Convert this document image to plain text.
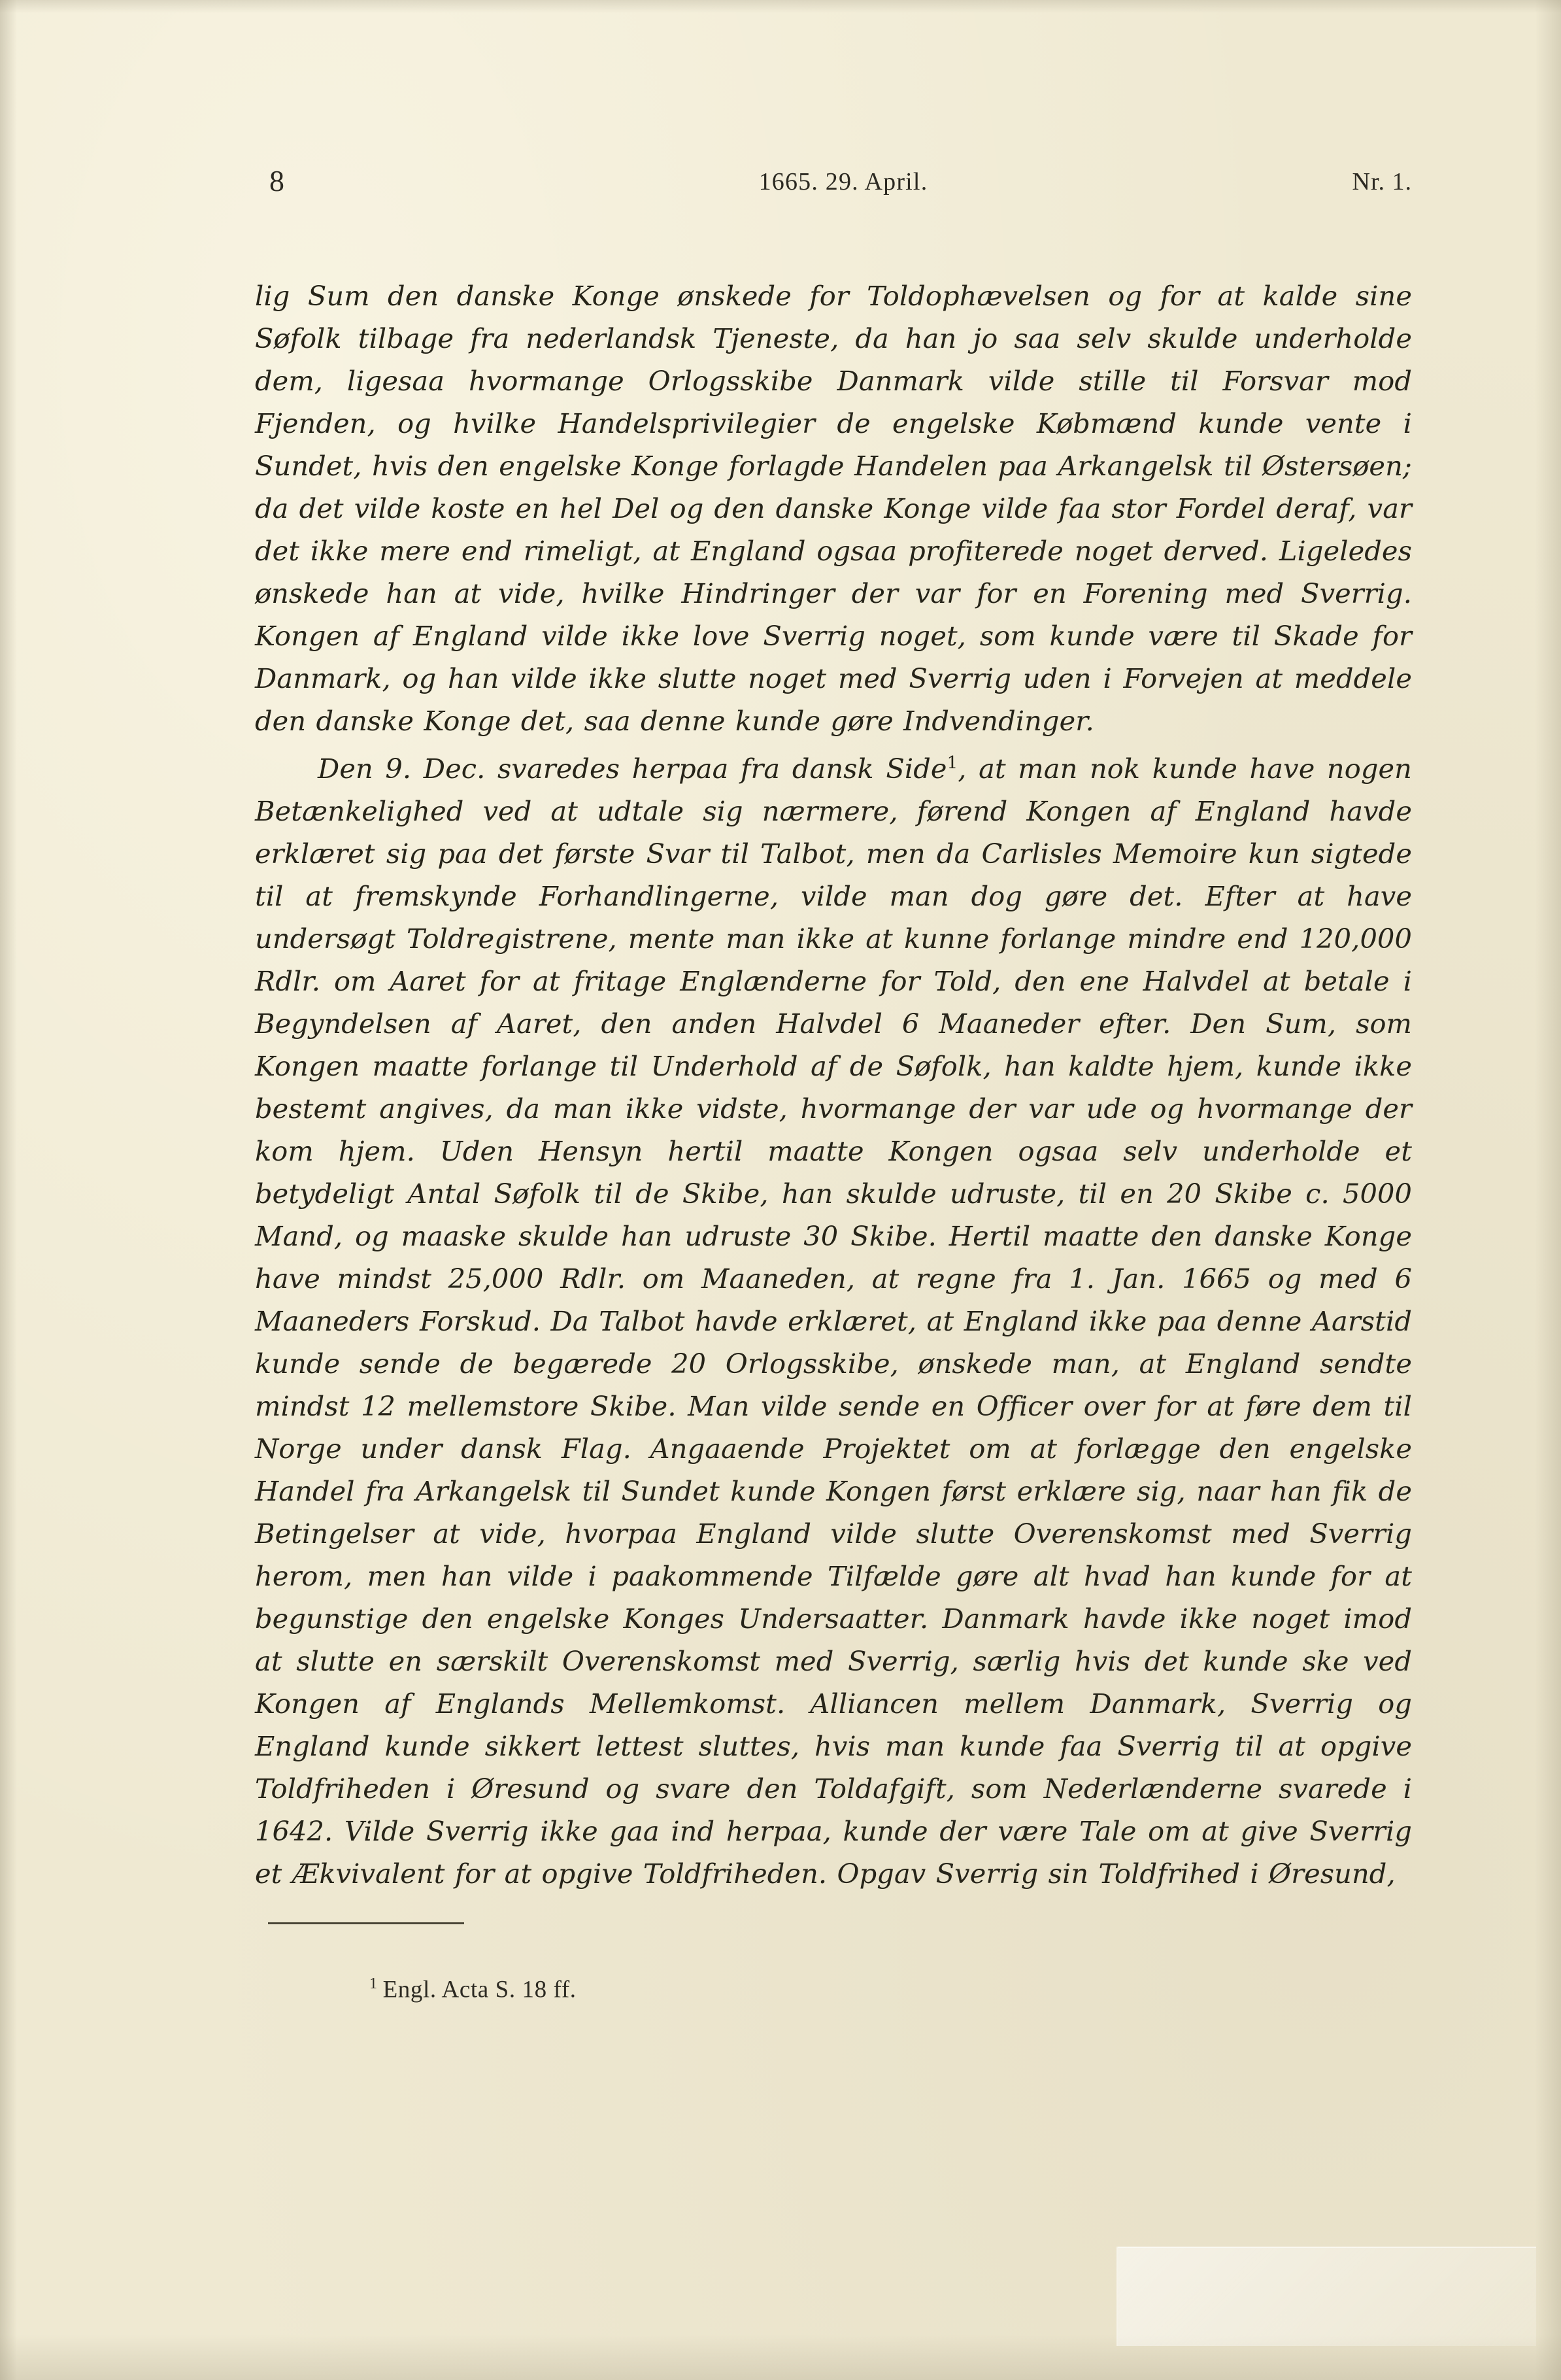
8	1665. 29. April.	Nr. 1.

lig Sum den danske Konge ønskede for Toldophævelsen og for at kalde sine Søfolk tilbage fra nederlandsk Tjeneste, da han jo saa selv skulde underholde dem, ligesaa hvormange Orlogsskibe Danmark vilde stille til Forsvar mod Fjenden, og hvilke Handelsprivilegier de engelske Købmænd kunde vente i Sundet, hvis den engelske Konge forlagde Handelen paa Arkangelsk til Østersøen; da det vilde koste en hel Del og den danske Konge vilde faa stor Fordel deraf, var det ikke mere end rimeligt, at England ogsaa profiterede noget derved. Ligeledes ønskede han at vide, hvilke Hindringer der var for en Forening med Sverrig. Kongen af England vilde ikke love Sverrig noget, som kunde være til Skade for Danmark, og han vilde ikke slutte noget med Sverrig uden i Forvejen at meddele den danske Konge det, saa denne kunde gøre Indvendinger.

Den 9. Dec. svaredes herpaa fra dansk Side$^1$, at man nok kunde have nogen Betænkelighed ved at udtale sig nærmere, førend Kongen af England havde erklæret sig paa det første Svar til Talbot, men da Carlisles Memoire kun sigtede til at fremskynde Forhandlingerne, vilde man dog gøre det. Efter at have undersøgt Toldregistrene, mente man ikke at kunne forlange mindre end 120,000 Rdlr. om Aaret for at fritage Englænderne for Told, den ene Halvdel at betale i Begyndelsen af Aaret, den anden Halvdel 6 Maaneder efter. Den Sum, som Kongen maatte forlange til Underhold af de Søfolk, han kaldte hjem, kunde ikke bestemt angives, da man ikke vidste, hvormange der var ude og hvormange der kom hjem. Uden Hensyn hertil maatte Kongen ogsaa selv underholde et betydeligt Antal Søfolk til de Skibe, han skulde udruste, til en 20 Skibe c. 5000 Mand, og maaske skulde han udruste 30 Skibe. Hertil maatte den danske Konge have mindst 25,000 Rdlr. om Maaneden, at regne fra 1. Jan. 1665 og med 6 Maaneders Forskud. Da Talbot havde erklæret, at England ikke paa denne Aarstid kunde sende de begærede 20 Orlogsskibe, ønskede man, at England sendte mindst 12 mellemstore Skibe. Man vilde sende en Officer over for at føre dem til Norge under dansk Flag. Angaaende Projektet om at forlægge den engelske Handel fra Arkangelsk til Sundet kunde Kongen først erklære sig, naar han fik de Betingelser at vide, hvorpaa England vilde slutte Overenskomst med Sverrig herom, men han vilde i paakommende Tilfælde gøre alt hvad han kunde for at begunstige den engelske Konges Undersaatter. Danmark havde ikke noget imod at slutte en særskilt Overenskomst med Sverrig, særlig hvis det kunde ske ved Kongen af Englands Mellemkomst. Alliancen mellem Danmark, Sverrig og England kunde sikkert lettest sluttes, hvis man kunde faa Sverrig til at opgive Toldfriheden i Øresund og svare den Toldafgift, som Nederlænderne svarede i 1642. Vilde Sverrig ikke gaa ind herpaa, kunde der være Tale om at give Sverrig et Ækvivalent for at opgive Toldfriheden. Opgav Sverrig sin Toldfrihed i Øresund,

$^1$ Engl. Acta S. 18 ff.
